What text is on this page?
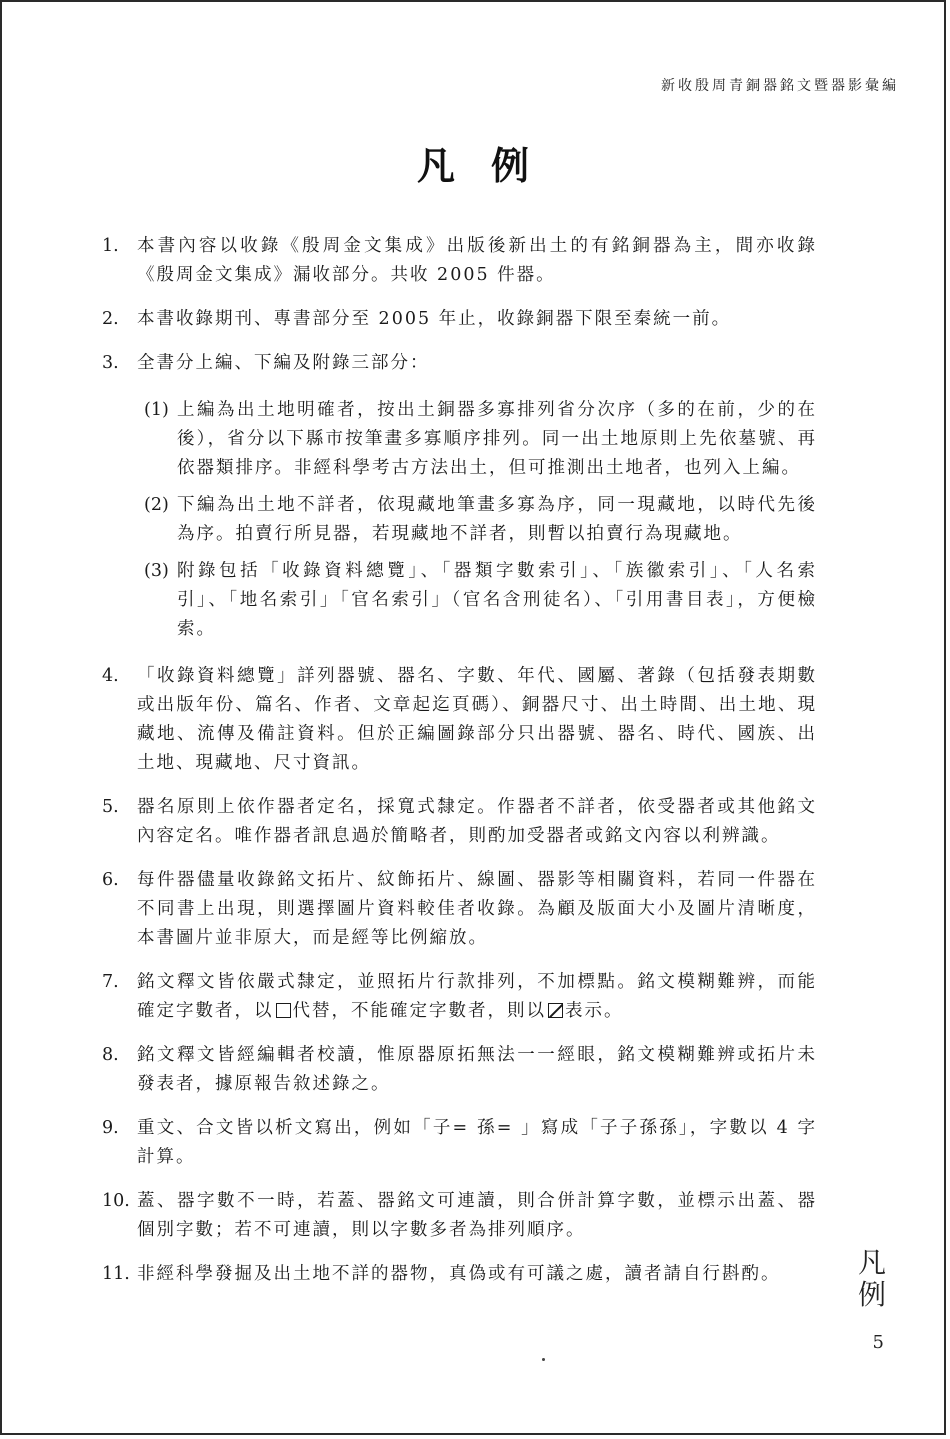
新收殷周青銅器銘文暨器影彙編
凡例
1.	本書內容以收錄《殷周金文集成》出版後新出土的有銘銅器為主，間亦收錄《殷周金文集成》漏收部分。共收 2005 件器。
2.	本書收錄期刊、專書部分至 2005 年止，收錄銅器下限至秦統一前。
3.	全書分上編、下編及附錄三部分：
(1) 上編為出土地明確者，按出土銅器多寡排列省分次序（多的在前，少的在後），省分以下縣市按筆畫多寡順序排列。同一出土地原則上先依墓號、再依器類排序。非經科學考古方法出土，但可推測出土地者，也列入上編。
(2) 下編為出土地不詳者，依現藏地筆畫多寡為序，同一現藏地，以時代先後為序。拍賣行所見器，若現藏地不詳者，則暫以拍賣行為現藏地。
(3) 附錄包括「收錄資料總覽」、「器類字數索引」、「族徽索引」、「人名索引」、「地名索引」「官名索引」（官名含刑徒名）、「引用書目表」，方便檢索。
4.	「收錄資料總覽」詳列器號、器名、字數、年代、國屬、著錄（包括發表期數或出版年份、篇名、作者、文章起迄頁碼）、銅器尺寸、出土時間、出土地、現藏地、流傳及備註資料。但於正編圖錄部分只出器號、器名、時代、國族、出土地、現藏地、尺寸資訊。
5.	器名原則上依作器者定名，採寬式隸定。作器者不詳者，依受器者或其他銘文內容定名。唯作器者訊息過於簡略者，則酌加受器者或銘文內容以利辨識。
6.	每件器儘量收錄銘文拓片、紋飾拓片、線圖、器影等相關資料，若同一件器在不同書上出現，則選擇圖片資料較佳者收錄。為顧及版面大小及圖片清晰度，本書圖片並非原大，而是經等比例縮放。
7.	銘文釋文皆依嚴式隸定，並照拓片行款排列，不加標點。銘文模糊難辨，而能確定字數者，以 代替，不能確定字數者，則以 表示。
8.	銘文釋文皆經編輯者校讀，惟原器原拓無法一一經眼，銘文模糊難辨或拓片未發表者，據原報告敘述錄之。
9.	重文、合文皆以析文寫出，例如「子= 孫= 」寫成「子子孫孫」，字數以 4 字計算。
10. 蓋、器字數不一時，若蓋、器銘文可連讀，則合併計算字數，並標示出蓋、器個別字數；若不可連讀，則以字數多者為排列順序。
11. 非經科學發掘及出土地不詳的器物，真偽或有可議之處，讀者請自行斟酌。	凡例
5
